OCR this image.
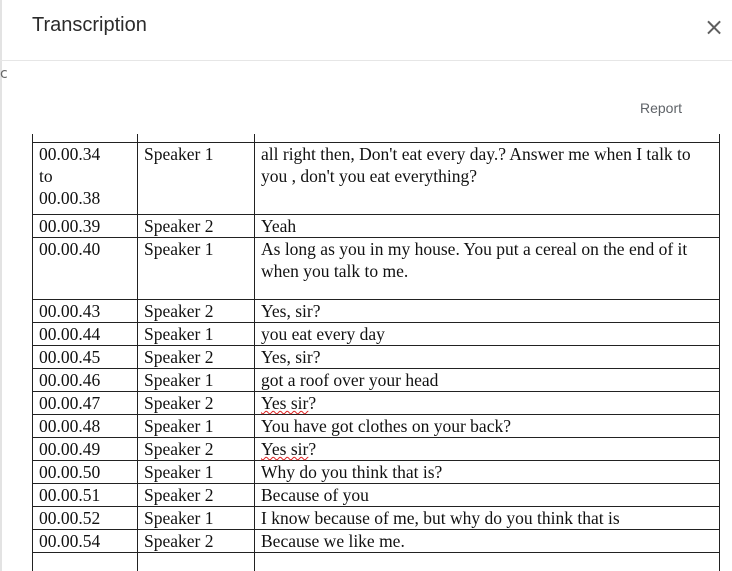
c
Transcription	×
Report

00.00.34
to
00.00.38	Speaker 1	all right then, Don't eat every day.? Answer me when I talk to you , don't you eat everything?
00.00.39	Speaker 2	Yeah
00.00.40	Speaker 1	As long as you in my house. You put a cereal on the end of it when you talk to me.
00.00.43	Speaker 2	Yes, sir?
00.00.44	Speaker 1	you eat every day
00.00.45	Speaker 2	Yes, sir?
00.00.46	Speaker 1	got a roof over your head
00.00.47	Speaker 2	Yes sir?
00.00.48	Speaker 1	You have got clothes on your back?
00.00.49	Speaker 2	Yes sir?
00.00.50	Speaker 1	Why do you think that is?
00.00.51	Speaker 2	Because of you
00.00.52	Speaker 1	I know because of me, but why do you think that is
00.00.54	Speaker 2	Because we like me.
